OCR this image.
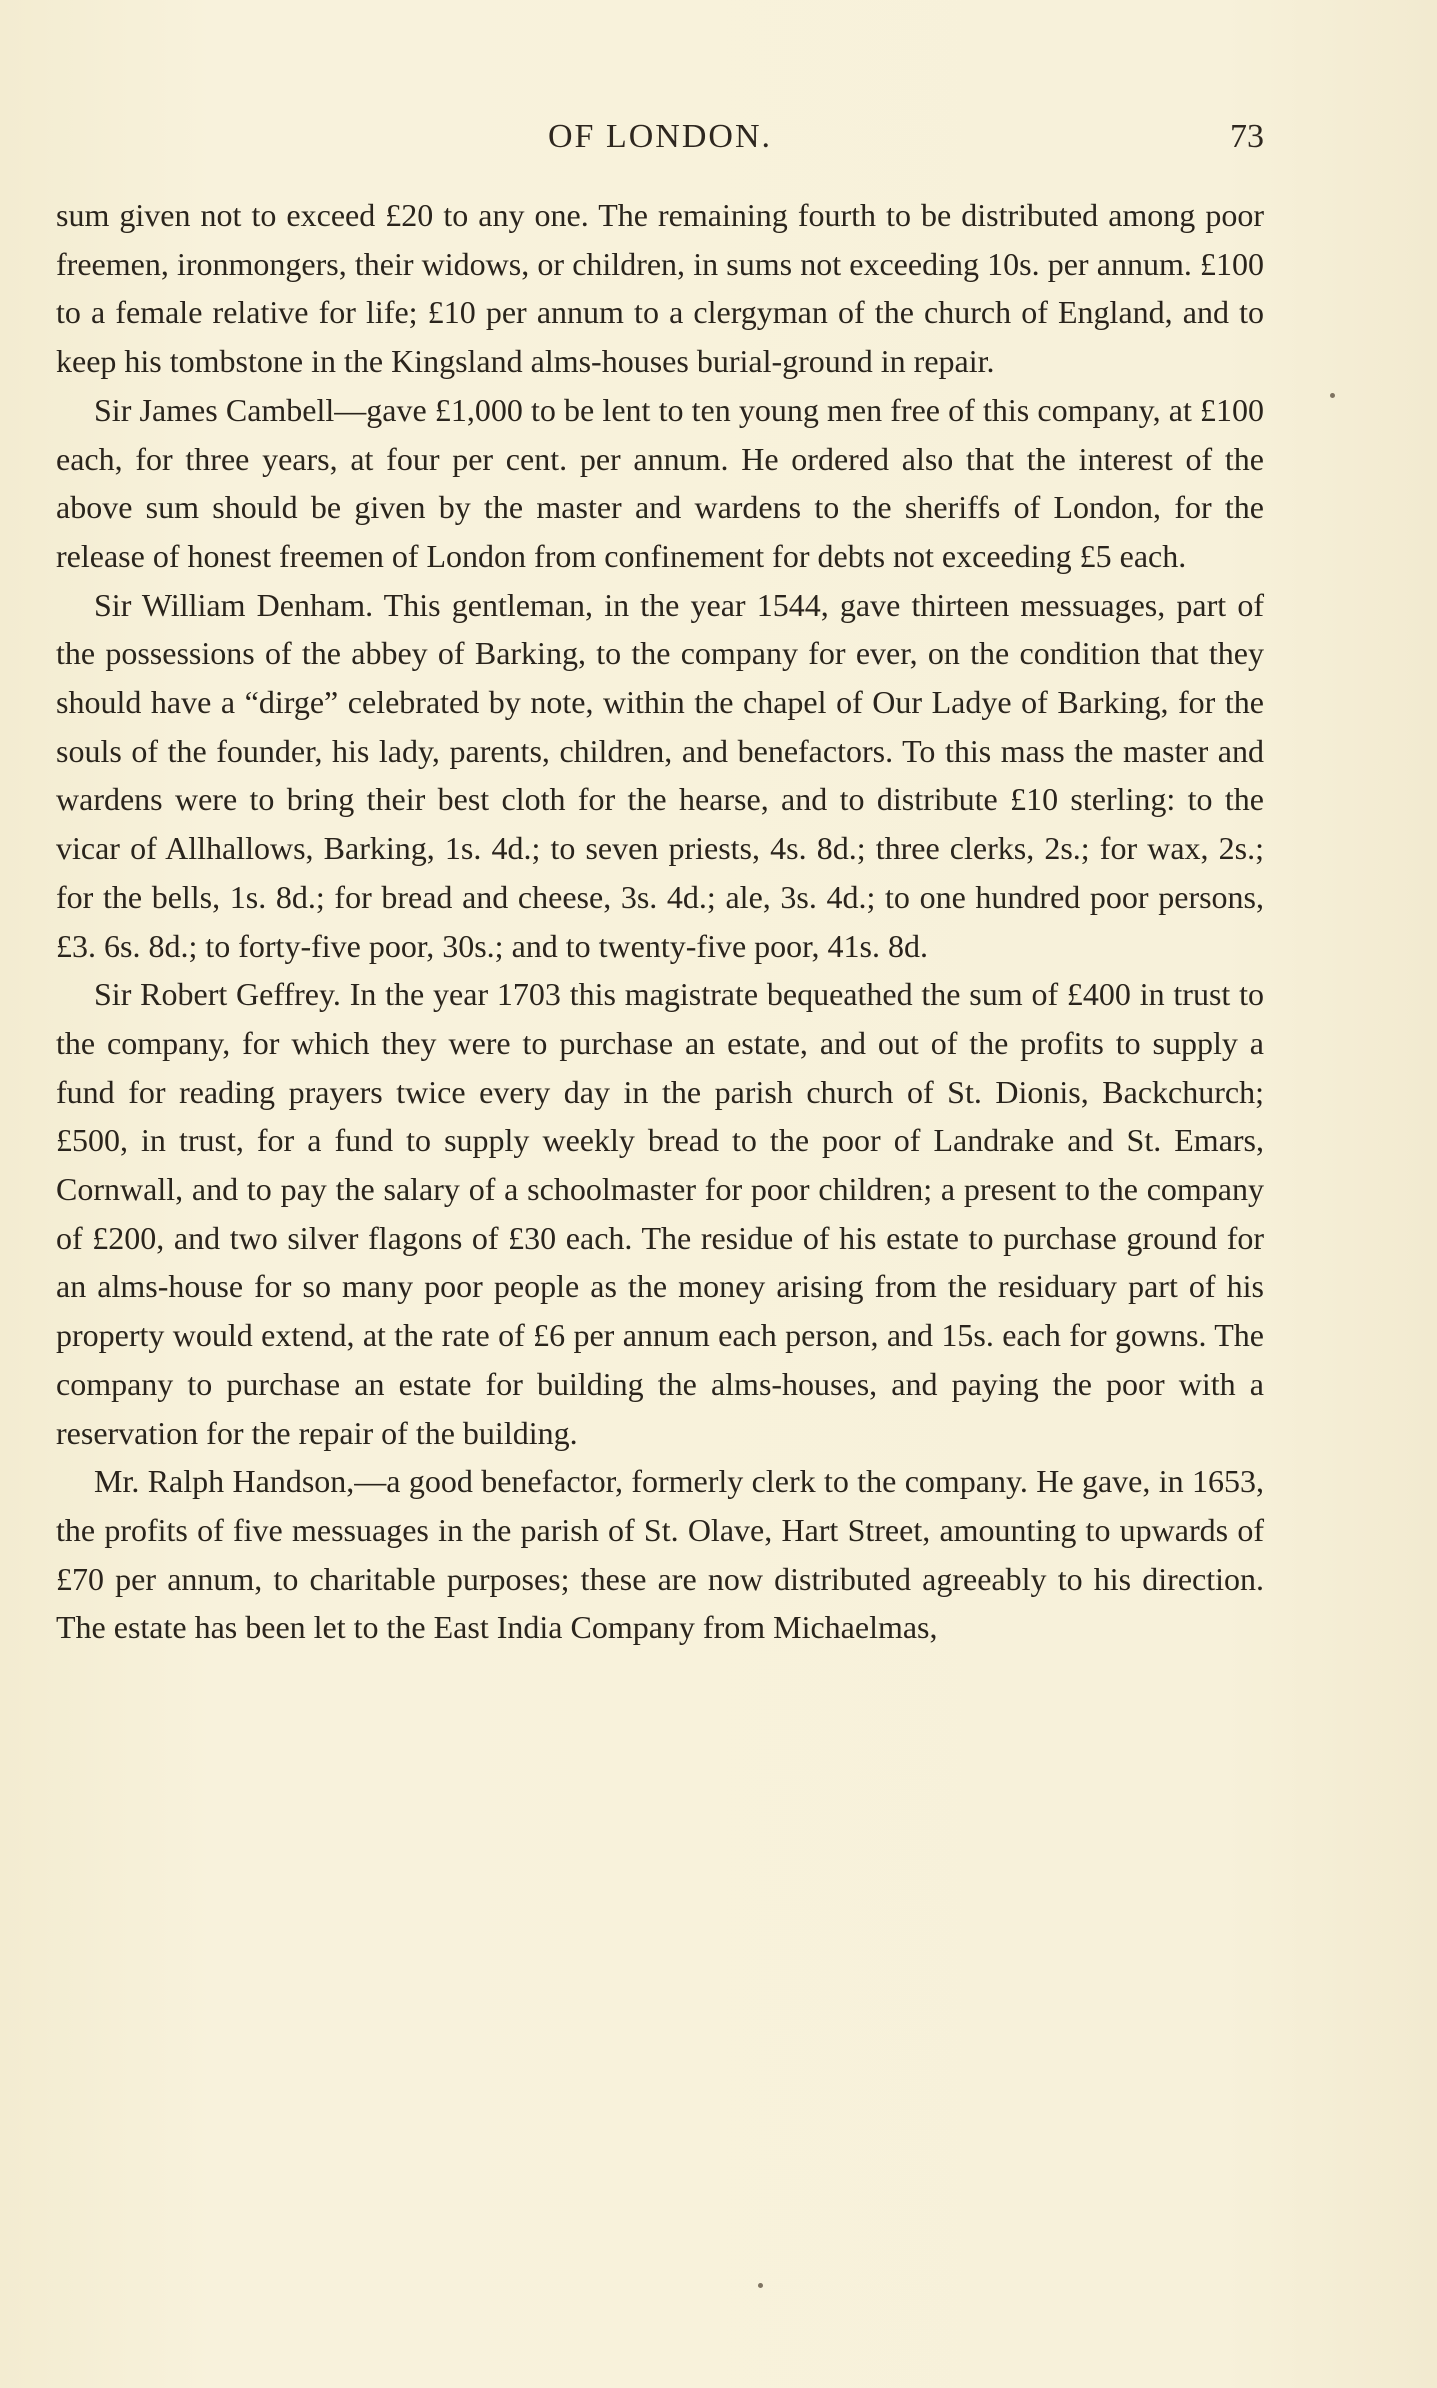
OF LONDON.	73

sum given not to exceed £20 to any one. The remaining fourth to be distributed among poor freemen, ironmongers, their widows, or children, in sums not exceeding 10s. per annum. £100 to a female relative for life; £10 per annum to a clergyman of the church of England, and to keep his tombstone in the Kingsland alms-houses burial-ground in repair.

Sir James Cambell—gave £1,000 to be lent to ten young men free of this company, at £100 each, for three years, at four per cent. per annum. He ordered also that the interest of the above sum should be given by the master and wardens to the sheriffs of London, for the release of honest freemen of London from confinement for debts not exceeding £5 each.

Sir William Denham. This gentleman, in the year 1544, gave thirteen messuages, part of the possessions of the abbey of Barking, to the company for ever, on the condition that they should have a “dirge” celebrated by note, within the chapel of Our Ladye of Barking, for the souls of the founder, his lady, parents, children, and benefactors. To this mass the master and wardens were to bring their best cloth for the hearse, and to distribute £10 sterling: to the vicar of Allhallows, Barking, 1s. 4d.; to seven priests, 4s. 8d.; three clerks, 2s.; for wax, 2s.; for the bells, 1s. 8d.; for bread and cheese, 3s. 4d.; ale, 3s. 4d.; to one hundred poor persons, £3. 6s. 8d.; to forty-five poor, 30s.; and to twenty-five poor, 41s. 8d.

Sir Robert Geffrey. In the year 1703 this magistrate bequeathed the sum of £400 in trust to the company, for which they were to purchase an estate, and out of the profits to supply a fund for reading prayers twice every day in the parish church of St. Dionis, Backchurch; £500, in trust, for a fund to supply weekly bread to the poor of Landrake and St. Emars, Cornwall, and to pay the salary of a schoolmaster for poor children; a present to the company of £200, and two silver flagons of £30 each. The residue of his estate to purchase ground for an alms-house for so many poor people as the money arising from the residuary part of his property would extend, at the rate of £6 per annum each person, and 15s. each for gowns. The company to purchase an estate for building the alms-houses, and paying the poor with a reservation for the repair of the building.

Mr. Ralph Handson,—a good benefactor, formerly clerk to the company. He gave, in 1653, the profits of five messuages in the parish of St. Olave, Hart Street, amounting to upwards of £70 per annum, to charitable purposes; these are now distributed agreeably to his direction. The estate has been let to the East India Company from Michaelmas,
